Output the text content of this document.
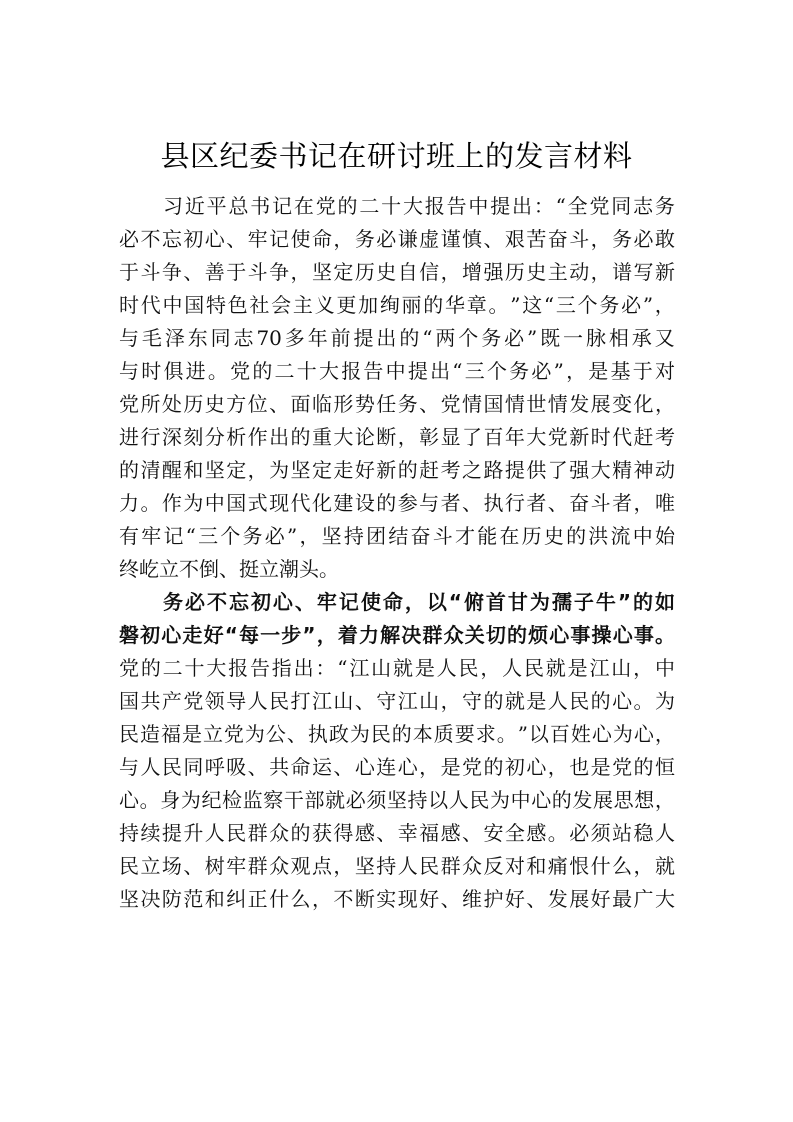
县区纪委书记在研讨班上的发言材料
习 近 平 总 书 记 在 党 的 二 十 大 报 告 中 提 出 ： “ 全 党 同 志 务
必 不 忘 初 心 、 牢 记 使 命 ， 务 必 谦 虚 谨 慎 、 艰 苦 奋 斗 ， 务 必 敢
于 斗 争 、 善 于 斗 争 ， 坚 定 历 史 自 信 ， 增 强 历 史 主 动 ， 谱 写 新
时 代 中 国 特 色 社 会 主 义 更 加 绚 丽 的 华 章 。 ” 这 “ 三 个 务 必 ” ，
与 毛 泽 东 同 志 70 多 年 前 提 出 的 “ 两 个 务 必 ” 既 一 脉 相 承 又
与 时 俱 进 。 党 的 二 十 大 报 告 中 提 出 “ 三 个 务 必 ” ， 是 基 于 对
党 所 处 历 史 方 位 、 面 临 形 势 任 务 、 党 情 国 情 世 情 发 展 变 化 ，
进 行 深 刻 分 析 作 出 的 重 大 论 断 ， 彰 显 了 百 年 大 党 新 时 代 赶 考
的 清 醒 和 坚 定 ， 为 坚 定 走 好 新 的 赶 考 之 路 提 供 了 强 大 精 神 动
力 。 作 为 中 国 式 现 代 化 建 设 的 参 与 者 、 执 行 者 、 奋 斗 者 ， 唯
有 牢 记 “ 三 个 务 必 ” ， 坚 持 团 结 奋 斗 才 能 在 历 史 的 洪 流 中 始
终屹立不倒、挺立潮头。
务 必 不 忘 初 心 、 牢 记 使 命 ， 以 “ 俯 首 甘 为 孺 子 牛 ” 的 如
磐 初 心 走 好 “ 每 一 步 ” ， 着 力 解 决 群 众 关 切 的 烦 心 事 操 心 事 。
党 的 二 十 大 报 告 指 出 ： “ 江 山 就 是 人 民 ， 人 民 就 是 江 山 ， 中
国 共 产 党 领 导 人 民 打 江 山 、 守 江 山 ， 守 的 就 是 人 民 的 心 。 为
民 造 福 是 立 党 为 公 、 执 政 为 民 的 本 质 要 求 。 ” 以 百 姓 心 为 心 ，
与 人 民 同 呼 吸 、 共 命 运 、 心 连 心 ， 是 党 的 初 心 ， 也 是 党 的 恒
心 。 身 为 纪 检 监 察 干 部 就 必 须 坚 持 以 人 民 为 中 心 的 发 展 思 想 ，
持 续 提 升 人 民 群 众 的 获 得 感 、 幸 福 感 、 安 全 感 。 必 须 站 稳 人
民 立 场 、 树 牢 群 众 观 点 ， 坚 持 人 民 群 众 反 对 和 痛 恨 什 么 ， 就
坚 决 防 范 和 纠 正 什 么 ， 不 断 实 现 好 、 维 护 好 、 发 展 好 最 广 大
